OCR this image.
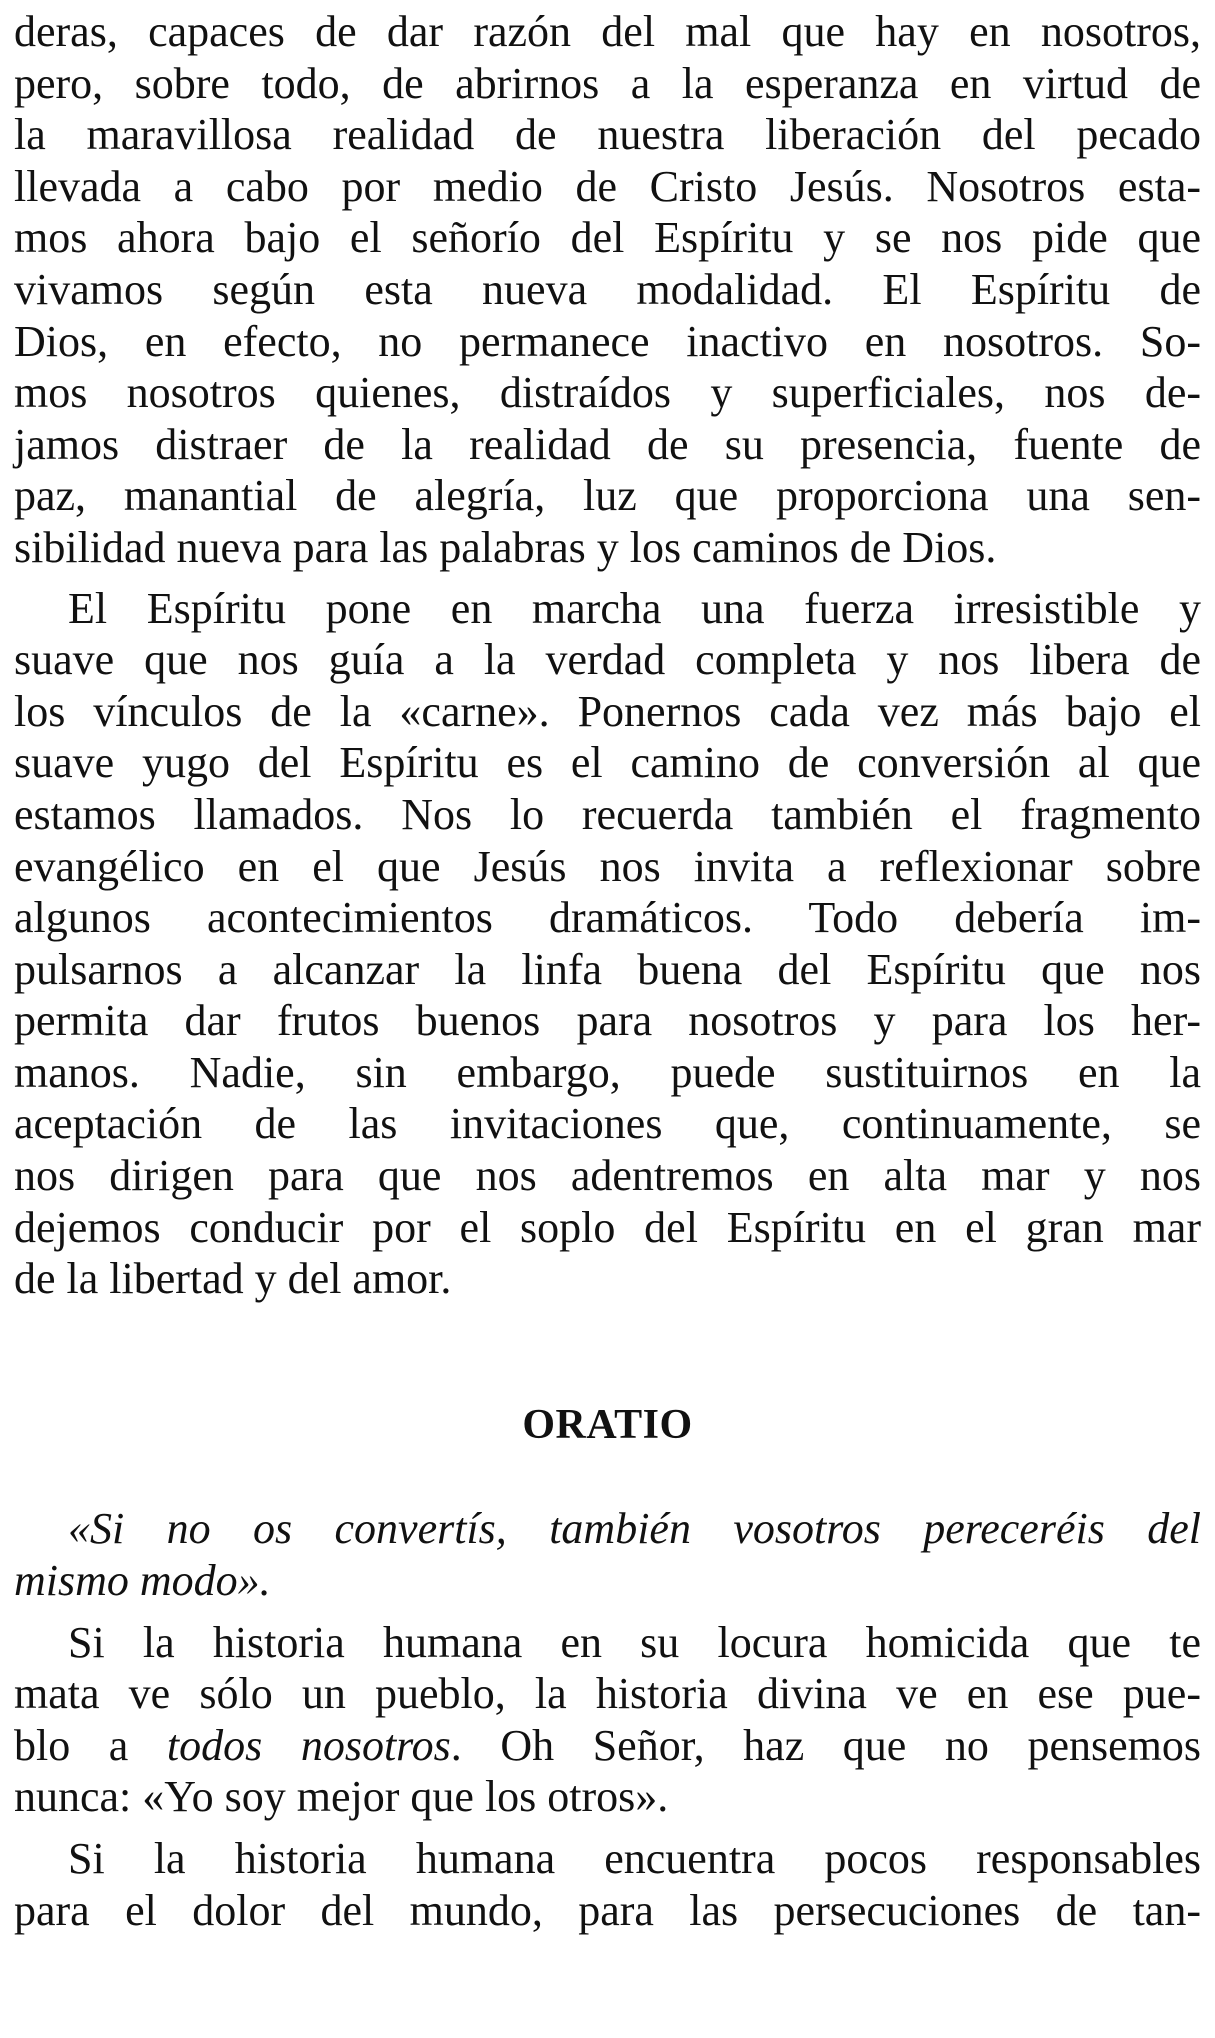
deras, capaces de dar razón del mal que hay en nosotros,
pero, sobre todo, de abrirnos a la esperanza en virtud de
la maravillosa realidad de nuestra liberación del pecado
llevada a cabo por medio de Cristo Jesús. Nosotros esta-
mos ahora bajo el señorío del Espíritu y se nos pide que
vivamos según esta nueva modalidad. El Espíritu de
Dios, en efecto, no permanece inactivo en nosotros. So-
mos nosotros quienes, distraídos y superficiales, nos de-
jamos distraer de la realidad de su presencia, fuente de
paz, manantial de alegría, luz que proporciona una sen-
sibilidad nueva para las palabras y los caminos de Dios.

El Espíritu pone en marcha una fuerza irresistible y
suave que nos guía a la verdad completa y nos libera de
los vínculos de la «carne». Ponernos cada vez más bajo el
suave yugo del Espíritu es el camino de conversión al que
estamos llamados. Nos lo recuerda también el fragmento
evangélico en el que Jesús nos invita a reflexionar sobre
algunos acontecimientos dramáticos. Todo debería im-
pulsarnos a alcanzar la linfa buena del Espíritu que nos
permita dar frutos buenos para nosotros y para los her-
manos. Nadie, sin embargo, puede sustituirnos en la
aceptación de las invitaciones que, continuamente, se
nos dirigen para que nos adentremos en alta mar y nos
dejemos conducir por el soplo del Espíritu en el gran mar
de la libertad y del amor.

ORATIO

«Si no os convertís, también vosotros pereceréis del
mismo modo».

Si la historia humana en su locura homicida que te
mata ve sólo un pueblo, la historia divina ve en ese pue-
blo a todos nosotros. Oh Señor, haz que no pensemos
nunca: «Yo soy mejor que los otros».

Si la historia humana encuentra pocos responsables
para el dolor del mundo, para las persecuciones de tan-
